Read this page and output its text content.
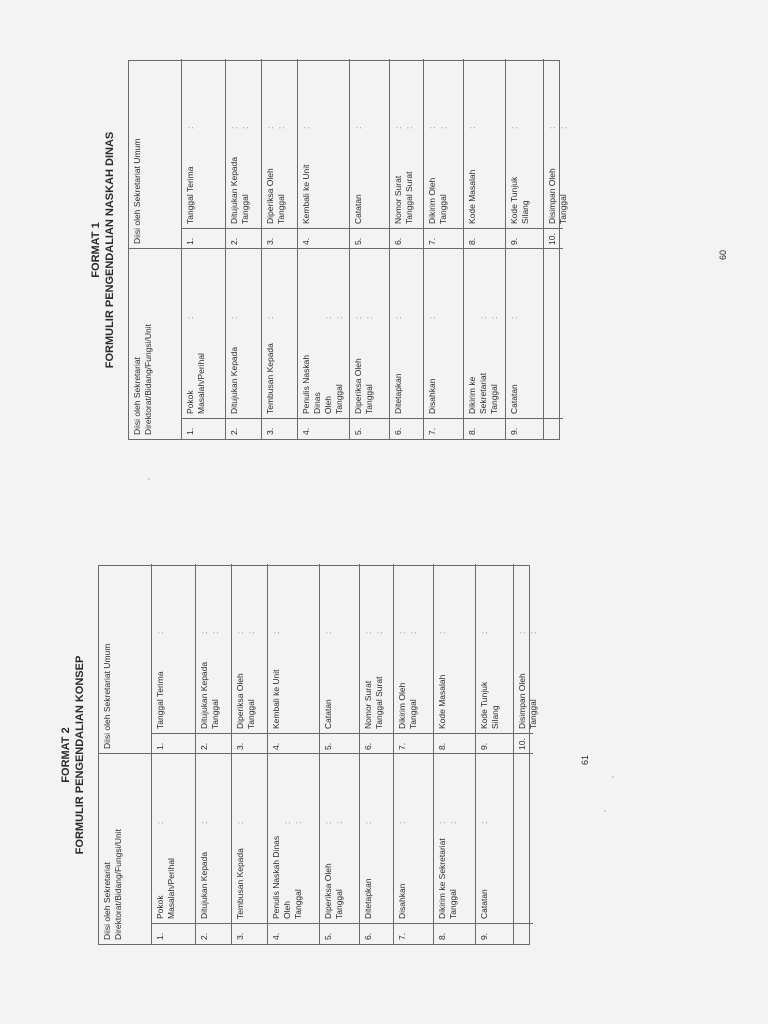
FORMAT 2 FORMULIR PENGENDALIAN KONSEP
Diisi oleh Sekretariat
Direktorat/Bidang/Fungsi/Unit
Diisi oleh Sekretariat Umum
1.
Pokok
Masalah/Perihal
:
1.
Tanggal Terima
:
2.
Ditujukan Kepada
:
2.
Ditujukan Kepada
Tanggal
:
:
3.
Tembusan Kepada
:
3.
Diperiksa Oleh
Tanggal
:
:
4.
Penulis Naskah Dinas
Oleh
Tanggal

:
:
4.
Kembali ke Unit
:
5.
Diperiksa Oleh
Tanggal
:
:
5.
Catatan
:
6.
Ditetapkan
:
6.
Nomor Surat
Tanggal Surat
:
:
7.
Disahkan
:
7.
Dikirim Oleh
Tanggal
:
:
8.
Dikirim ke Sekretariat
Tanggal
:
:
8.
Kode Masalah
:
9.
Catatan
:
9.
Kode Tunjuk
Silang
:
10.
Disimpan Oleh
Tanggal
:
:
FORMAT 1 FORMULIR PENGENDALIAN NASKAH DINAS
Diisi oleh Sekretariat
Direktorat/Bidang/Fungsi/Unit
Diisi oleh Sekretariat Umum
1.
Pokok
Masalah/Perihal
:
1.
Tanggal Terima
:
2.
Ditujukan Kepada
:
2.
Ditujukan Kepada
Tanggal
:
:
3.
Tembusan Kepada
:
3.
Diperiksa Oleh
Tanggal
:
:
4.
Penulis Naskah
Dinas
Oleh
Tanggal

:
:
4.
Kembali ke Unit
:
5.
Diperiksa Oleh
Tanggal
:
:
5.
Catatan
:
6.
Ditetapkan
:
6.
Nomor Surat
Tanggal Surat
:
:
7.
Disahkan
:
7.
Dikirim Oleh
Tanggal
:
:
8.
Dikirim ke
Sekretariat
Tanggal

:
:
8.
Kode Masalah
:
9.
Catatan
:
9.
Kode Tunjuk
Silang
:
10.
Disimpan Oleh
Tanggal
:
:
61
60
